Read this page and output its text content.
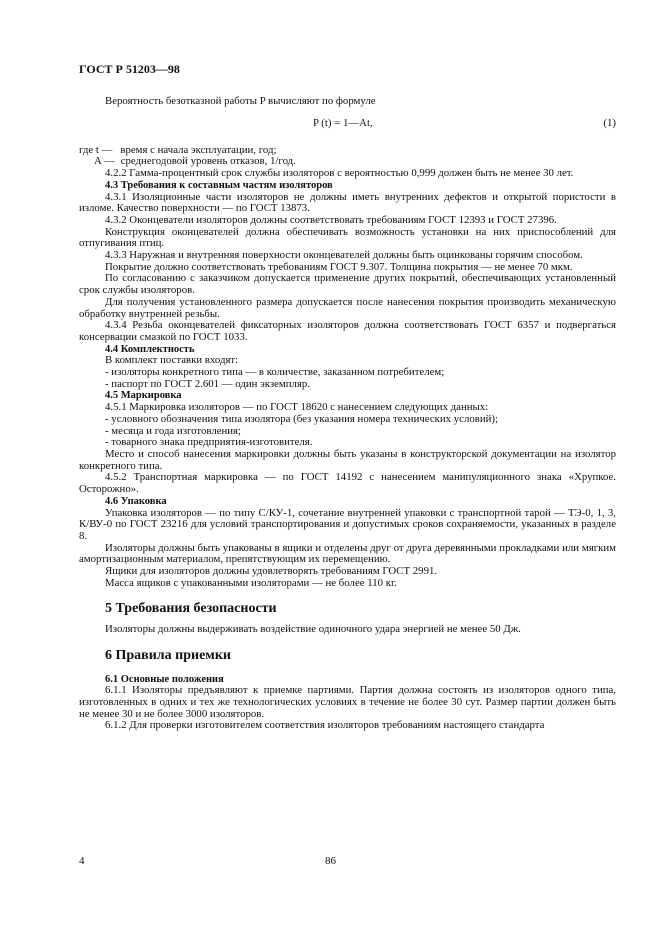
ГОСТ Р 51203—98

Вероятность безотказной работы P вычисляют по формуле

P (t) = 1—At,	(1)
где t — время с начала эксплуатации, год;
A — среднегодовой уровень отказов, 1/год.

4.2.2 Гамма-процентный срок службы изоляторов с вероятностью 0,999 должен быть не менее 30 лет.

4.3 Требования к составным частям изоляторов

4.3.1 Изоляционные части изоляторов не должны иметь внутренних дефектов и открытой пористости в изломе. Качество поверхности — по ГОСТ 13873.

4.3.2 Оконцеватели изоляторов должны соответствовать требованиям ГОСТ 12393 и ГОСТ 27396.

Конструкция оконцевателей должна обеспечивать возможность установки на них приспособлений для отпугивания птиц.

4.3.3 Наружная и внутренняя поверхности оконцевателей должны быть оцинкованы горячим способом.

Покрытие должно соответствовать требованиям ГОСТ 9.307. Толщина покрытия — не менее 70 мкм.

По согласованию с заказчиком допускается применение других покрытий, обеспечивающих установленный срок службы изоляторов.

Для получения установленного размера допускается после нанесения покрытия производить механическую обработку внутренней резьбы.

4.3.4 Резьба оконцевателей фиксаторных изоляторов должна соответствовать ГОСТ 6357 и подвергаться консервации смазкой по ГОСТ 1033.

4.4 Комплектность

В комплект поставки входят:

- изоляторы конкретного типа — в количестве, заказанном потребителем;

- паспорт по ГОСТ 2.601 — один экземпляр.

4.5 Маркировка

4.5.1 Маркировка изоляторов — по ГОСТ 18620 с нанесением следующих данных:

- условного обозначения типа изолятора (без указания номера технических условий);

- месяца и года изготовления;

- товарного знака предприятия-изготовителя.

Место и способ нанесения маркировки должны быть указаны в конструкторской документации на изолятор конкретного типа.

4.5.2 Транспортная маркировка — по ГОСТ 14192 с нанесением манипуляционного знака «Хрупкое. Осторожно».

4.6 Упаковка

Упаковка изоляторов — по типу С/КУ-1, сочетание внутренней упаковки с транспортной тарой — ТЭ-0, 1, 3, К/ВУ-0 по ГОСТ 23216 для условий транспортирования и допустимых сроков сохраняемости, указанных в разделе 8.

Изоляторы должны быть упакованы в ящики и отделены друг от друга деревянными прокладками или мягким амортизационным материалом, препятствующим их перемещению.

Ящики для изоляторов должны удовлетворять требованиям ГОСТ 2991.

Масса ящиков с упакованными изоляторами — не более 110 кг.

5 Требования безопасности

Изоляторы должны выдерживать воздействие одиночного удара энергией не менее 50 Дж.

6 Правила приемки

6.1 Основные положения

6.1.1 Изоляторы предъявляют к приемке партиями. Партия должна состоять из изоляторов одного типа, изготовленных в одних и тех же технологических условиях в течение не более 30 сут. Размер партии должен быть не менее 30 и не более 3000 изоляторов.

6.1.2 Для проверки изготовителем соответствия изоляторов требованиям настоящего стандарта

4	86
